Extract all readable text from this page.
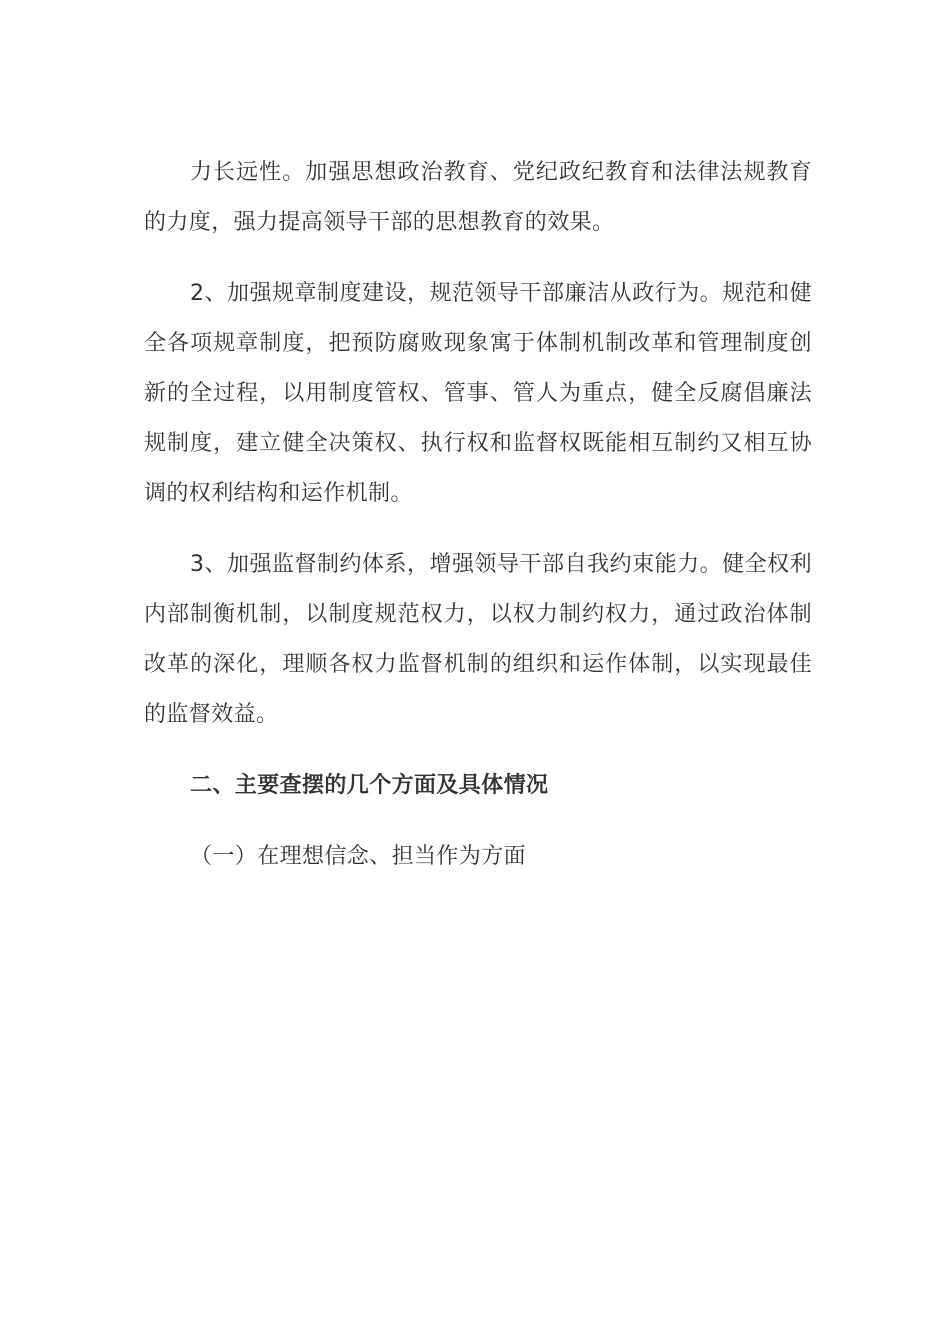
力长远性。加强思想政治教育、党纪政纪教育和法律法规教育的力度，强力提高领导干部的思想教育的效果。

2、加强规章制度建设，规范领导干部廉洁从政行为。规范和健全各项规章制度，把预防腐败现象寓于体制机制改革和管理制度创新的全过程，以用制度管权、管事、管人为重点，健全反腐倡廉法规制度，建立健全决策权、执行权和监督权既能相互制约又相互协调的权利结构和运作机制。

3、加强监督制约体系，增强领导干部自我约束能力。健全权利内部制衡机制，以制度规范权力，以权力制约权力，通过政治体制改革的深化，理顺各权力监督机制的组织和运作体制，以实现最佳的监督效益。

二、主要查摆的几个方面及具体情况

（一）在理想信念、担当作为方面
